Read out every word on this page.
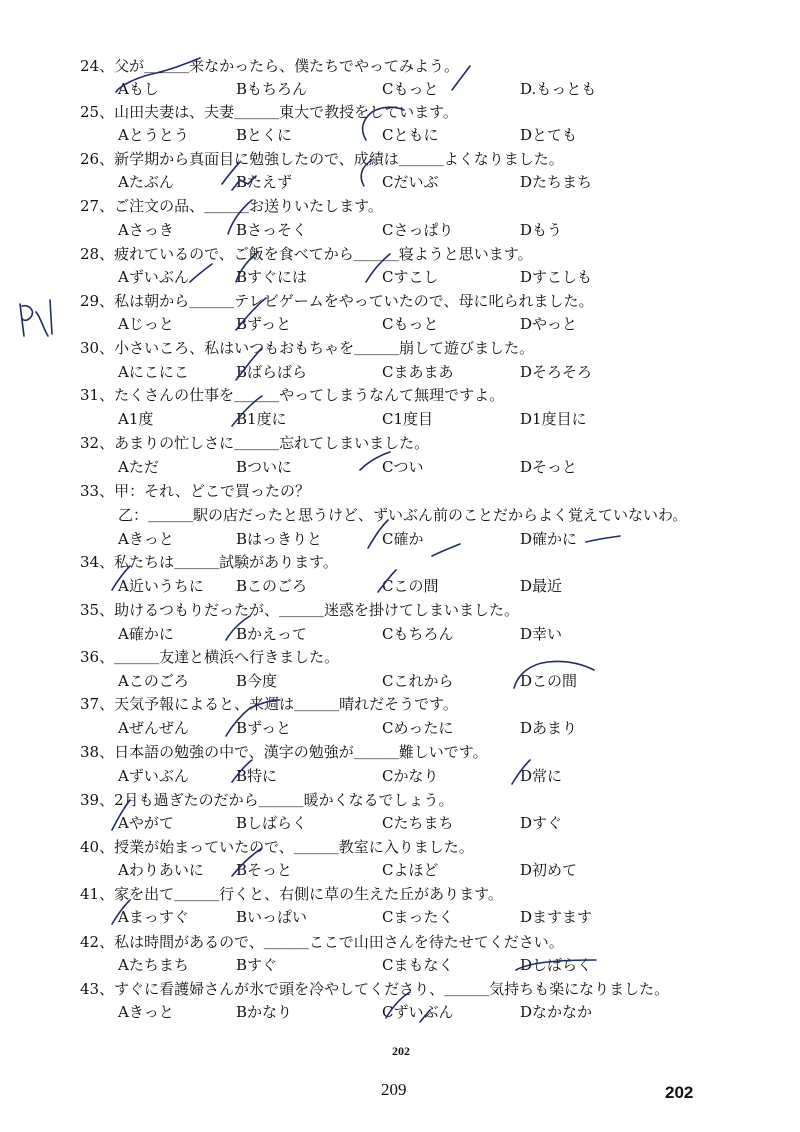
24、父が＿＿＿来なかったら、僕たちでやってみよう。
Aもし	Bもちろん	Cもっと	D.もっとも
25、山田夫妻は、夫妻＿＿＿東大で教授をしています。
Aとうとう	Bとくに	Cともに	Dとても
26、新学期から真面目に勉強したので、成績は＿＿＿よくなりました。
Aたぶん	Bたえず	Cだいぶ	Dたちまち
27、ご注文の品、＿＿＿お送りいたします。
Aさっき	Bさっそく	Cさっぱり	Dもう
28、疲れているので、ご飯を食べてから＿＿＿寝ようと思います。
Aずいぶん	Bすぐには	Cすこし	Dすこしも
29、私は朝から＿＿＿テレビゲームをやっていたので、母に叱られました。
Aじっと	Bずっと	Cもっと	Dやっと
30、小さいころ、私はいつもおもちゃを＿＿＿崩して遊びました。
Aにこにこ	Bばらばら	Cまあまあ	Dそろそろ
31、たくさんの仕事を＿＿＿やってしまうなんて無理ですよ。
A1度	B1度に	C1度目	D1度目に
32、あまりの忙しさに＿＿＿忘れてしまいました。
Aただ	Bついに	Cつい	Dそっと
33、甲：それ、どこで買ったの？
乙：＿＿＿駅の店だったと思うけど、ずいぶん前のことだからよく覚えていないわ。
Aきっと	Bはっきりと	C確か	D確かに
34、私たちは＿＿＿試験があります。
A近いうちに Bこのごろ	Cこの間	D最近
35、助けるつもりだったが、＿＿＿迷惑を掛けてしまいました。
A確かに	Bかえって	Cもちろん	D幸い
36、＿＿＿友達と横浜へ行きました。
Aこのごろ	B今度	Cこれから	Dこの間
37、天気予報によると、来週は＿＿＿晴れだそうです。
Aぜんぜん	Bずっと	Cめったに	Dあまり
38、日本語の勉強の中で、漢字の勉強が＿＿＿難しいです。
Aずいぶん	B特に	Cかなり	D常に
39、2月も過ぎたのだから＿＿＿暖かくなるでしょう。
Aやがて	Bしばらく	Cたちまち	Dすぐ
40、授業が始まっていたので、＿＿＿教室に入りました。
Aわりあいに Bそっと	Cよほど	D初めて
41、家を出て＿＿＿行くと、右側に草の生えた丘があります。
Aまっすぐ	Bいっぱい	Cまったく	Dますます
42、私は時間があるので、＿＿＿ここで山田さんを待たせてください。
Aたちまち	Bすぐ	Cまもなく	Dしばらく
43、すぐに看護婦さんが氷で頭を冷やしてくださり、＿＿＿気持ちも楽になりました。
Aきっと	Bかなり	Cずいぶん	Dなかなか
202
209	202
